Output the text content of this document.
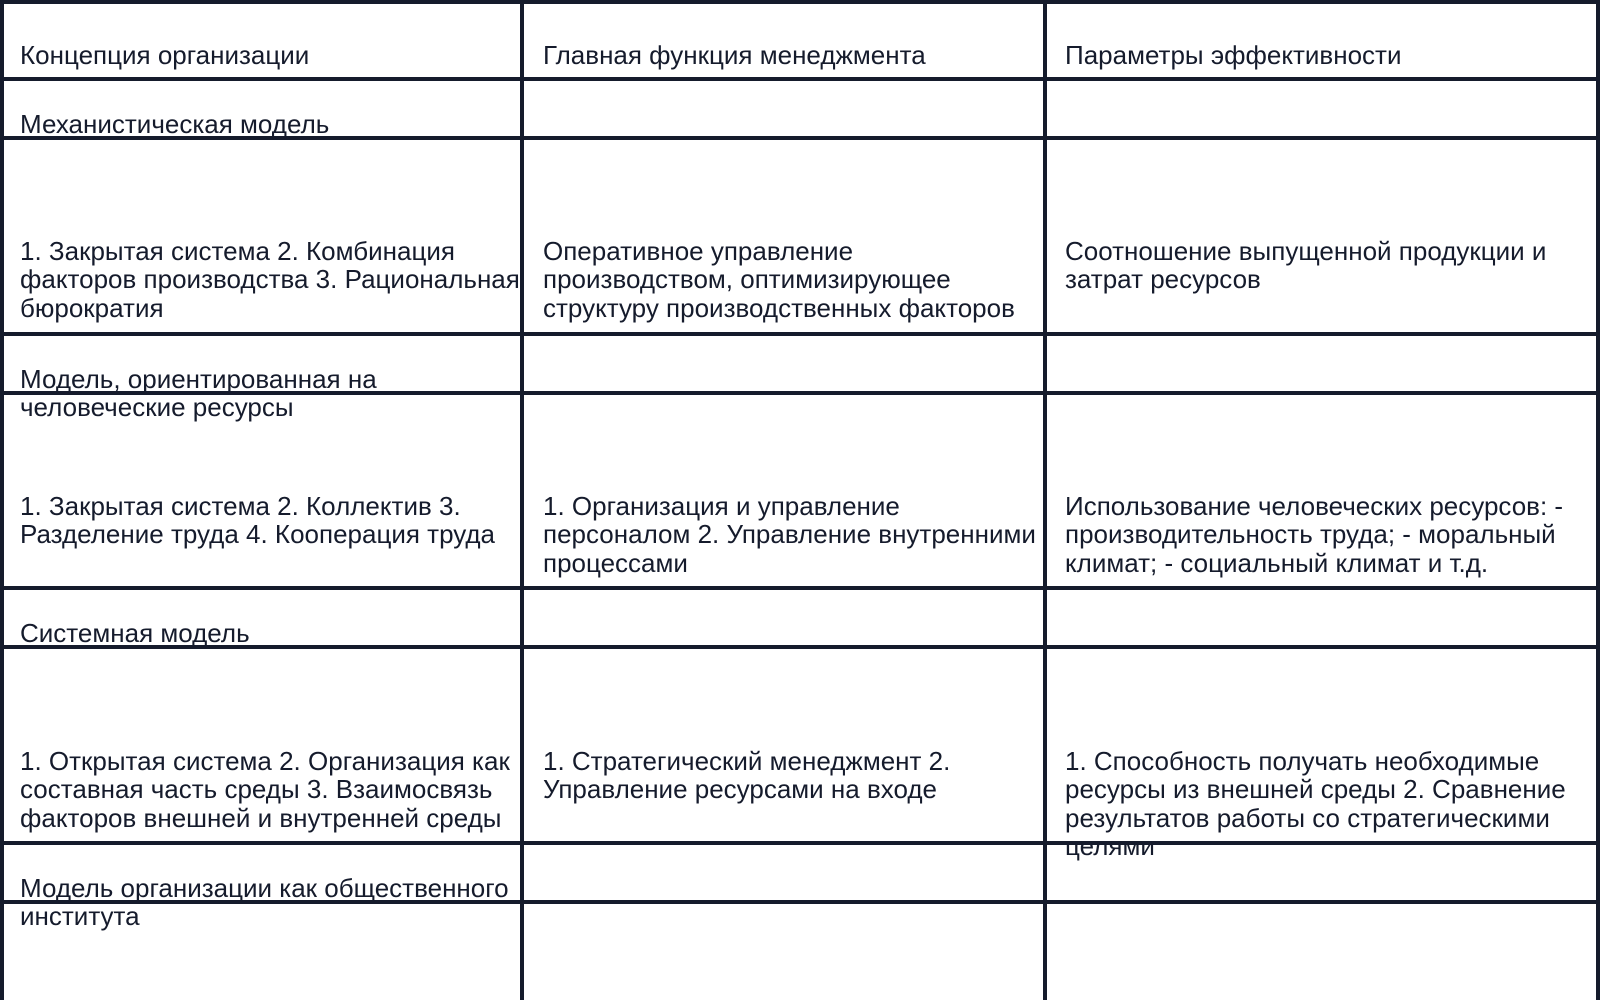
Концепция организации	Главная функция менеджмента	Параметры эффективности
Механистическая модель
1. Закрытая система 2. Комбинация факторов производства 3. Рациональная бюрократия
Оперативное управление производством, оптимизирующее структуру производственных факторов
Соотношение выпущенной продукции и затрат ресурсов
Модель, ориентированная на человеческие ресурсы
1. Закрытая система 2. Коллектив 3. Разделение труда 4. Кооперация труда
1. Организация и управление персоналом 2. Управление внутренними процессами
Использование человеческих ресурсов: - производительность труда; - моральный климат; - социальный климат и т.д.
Системная модель
1. Открытая система 2. Организация как составная часть среды 3. Взаимосвязь факторов внешней и внутренней среды
1. Стратегический менеджмент 2. Управление ресурсами на входе
1. Способность получать необходимые ресурсы из внешней среды 2. Сравнение результатов работы со стратегическими целями
Модель организации как общественного института
